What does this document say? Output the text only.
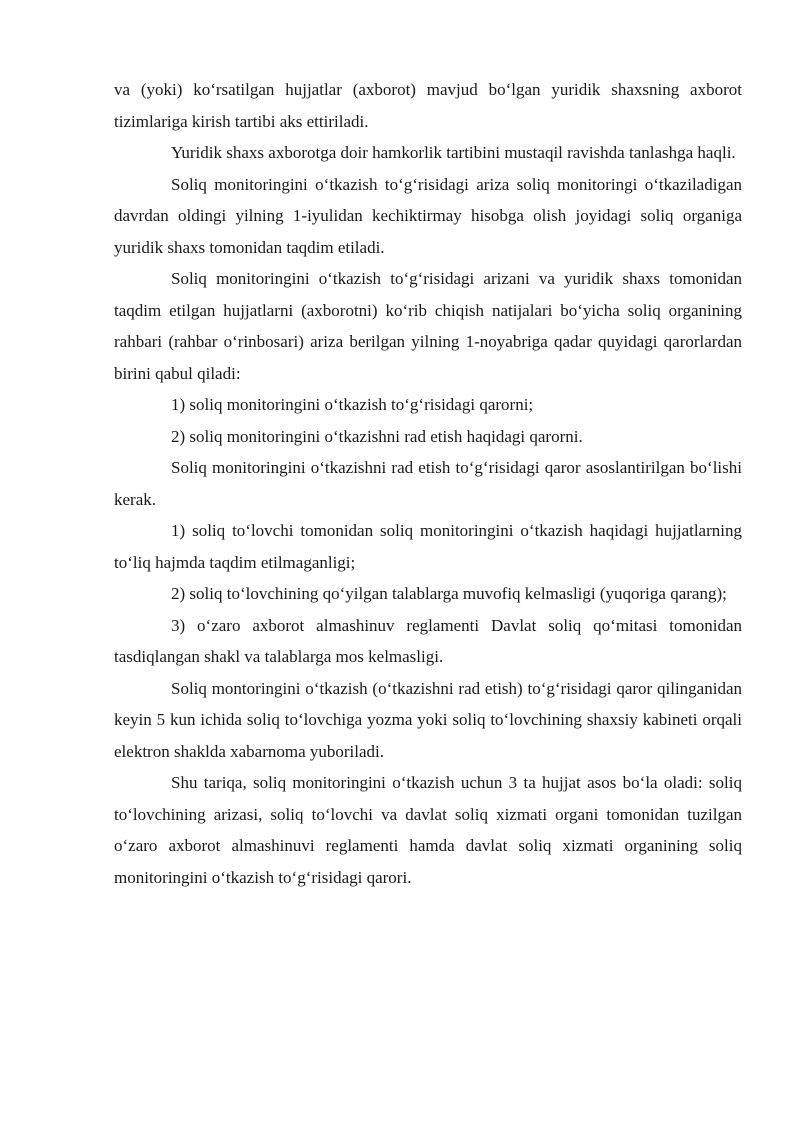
va (yoki) koʻrsatilgan hujjatlar (axborot) mavjud boʻlgan yuridik shaxsning axborot tizimlariga kirish tartibi aks ettiriladi.

Yuridik shaxs axborotga doir hamkorlik tartibini mustaqil ravishda tanlashga haqli.

Soliq monitoringini oʻtkazish toʻgʻrisidagi ariza soliq monitoringi oʻtkaziladigan davrdan oldingi yilning 1-iyulidan kechiktirmay hisobga olish joyidagi soliq organiga yuridik shaxs tomonidan taqdim etiladi.

Soliq monitoringini oʻtkazish toʻgʻrisidagi arizani va yuridik shaxs tomonidan taqdim etilgan hujjatlarni (axborotni) koʻrib chiqish natijalari boʻyicha soliq organining rahbari (rahbar oʻrinbosari) ariza berilgan yilning 1-noyabriga qadar quyidagi qarorlardan birini qabul qiladi:

1) soliq monitoringini oʻtkazish toʻgʻrisidagi qarorni;

2) soliq monitoringini oʻtkazishni rad etish haqidagi qarorni.

Soliq monitoringini oʻtkazishni rad etish toʻgʻrisidagi qaror asoslantirilgan boʻlishi kerak.

1) soliq toʻlovchi tomonidan soliq monitoringini oʻtkazish haqidagi hujjatlarning toʻliq hajmda taqdim etilmaganligi;

2) soliq toʻlovchining qoʻyilgan talablarga muvofiq kelmasligi (yuqoriga qarang);

3) oʻzaro axborot almashinuv reglamenti Davlat soliq qoʻmitasi tomonidan tasdiqlangan shakl va talablarga mos kelmasligi.

Soliq montoringini oʻtkazish (oʻtkazishni rad etish) toʻgʻrisidagi qaror qilinganidan keyin 5 kun ichida soliq toʻlovchiga yozma yoki soliq toʻlovchining shaxsiy kabineti orqali elektron shaklda xabarnoma yuboriladi.

Shu tariqa, soliq monitoringini oʻtkazish uchun 3 ta hujjat asos boʻla oladi: soliq toʻlovchining arizasi, soliq toʻlovchi va davlat soliq xizmati organi tomonidan tuzilgan oʻzaro axborot almashinuvi reglamenti hamda davlat soliq xizmati organining soliq monitoringini oʻtkazish toʻgʻrisidagi qarori.
